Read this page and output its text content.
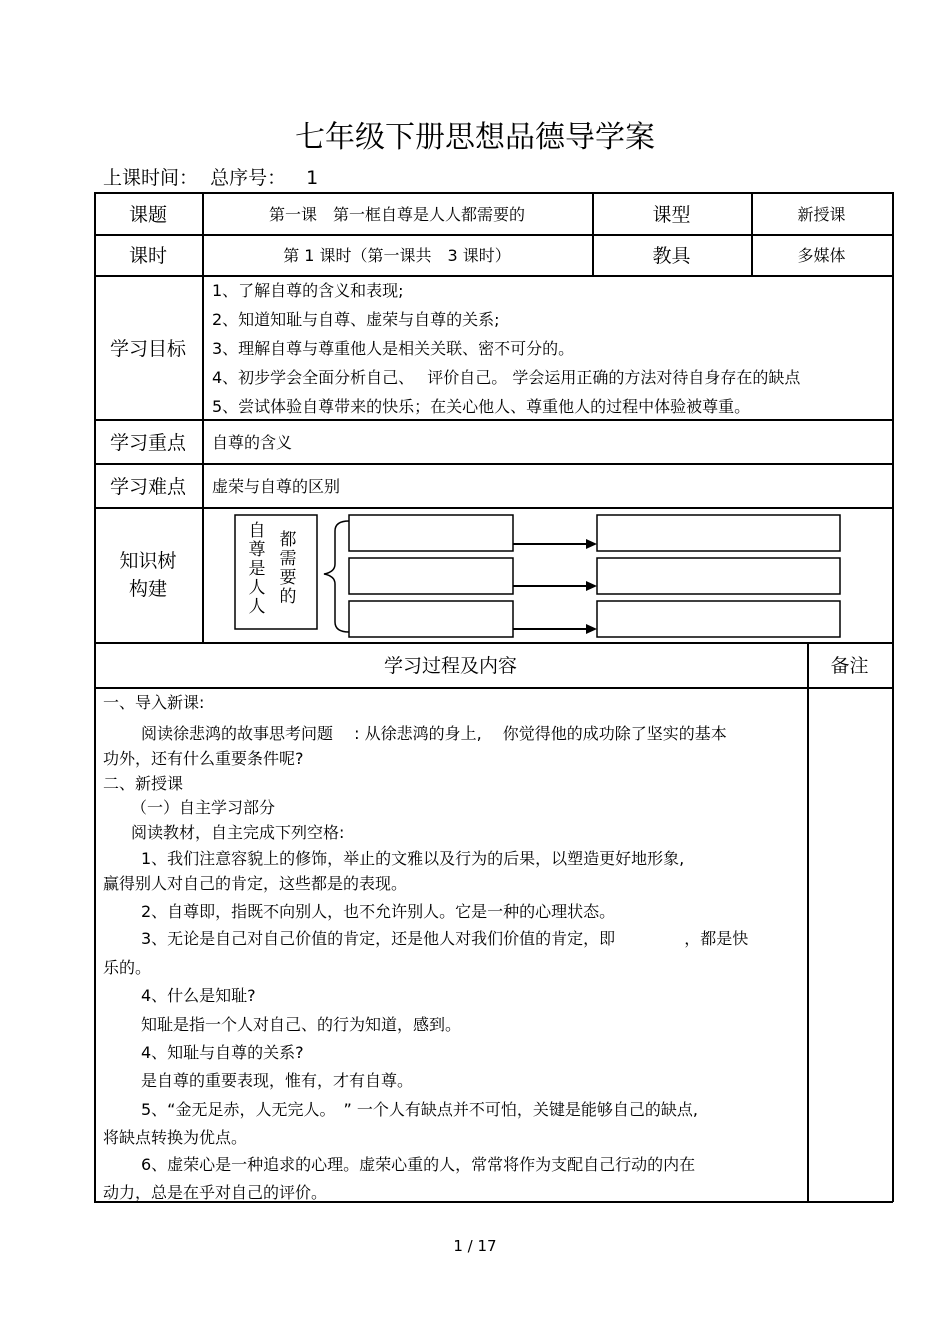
七年级下册思想品德导学案
上课时间： 总序号： 1
课题	第一课　第一框自尊是人人都需要的	课型	新授课
课时	第 1 课时（第一课共　3 课时）	教具	多媒体
学习目标
1、了解自尊的含义和表现;
2、知道知耻与自尊、虚荣与自尊的关系;
3、理解自尊与尊重他人是相关关联、密不可分的。
4、初步学会全面分析自己、　 评价自己。 学会运用正确的方法对待自身存在的缺点
5、尝试体验自尊带来的快乐；在关心他人、尊重他人的过程中体验被尊重。
学习重点	自尊的含义
学习难点	虚荣与自尊的区别
知识树
构建
自尊是人人
都需要的
学习过程及内容	备注
一、导入新课:
阅读徐悲鸿的故事思考问题　 : 从徐悲鸿的身上,　 你觉得他的成功除了坚实的基本
功外，还有什么重要条件呢?
二、新授课
（一）自主学习部分
阅读教材，自主完成下列空格:
1、我们注意容貌上的修饰，举止的文雅以及行为的后果，以塑造更好地形象,
赢得别人对自己的肯定，这些都是的表现。
2、自尊即，指既不向别人，也不允许别人。它是一种的心理状态。
3、无论是自己对自己价值的肯定，还是他人对我们价值的肯定，即　　　　 ，都是快
乐的。
4、什么是知耻?
知耻是指一个人对自己、的行为知道，感到。
4、知耻与自尊的关系?
是自尊的重要表现，惟有，才有自尊。
5、“金无足赤，人无完人。　” 一个人有缺点并不可怕，关键是能够自己的缺点,
将缺点转换为优点。
6、虚荣心是一种追求的心理。虚荣心重的人，常常将作为支配自己行动的内在
动力，总是在乎对自己的评价。
1 / 17
